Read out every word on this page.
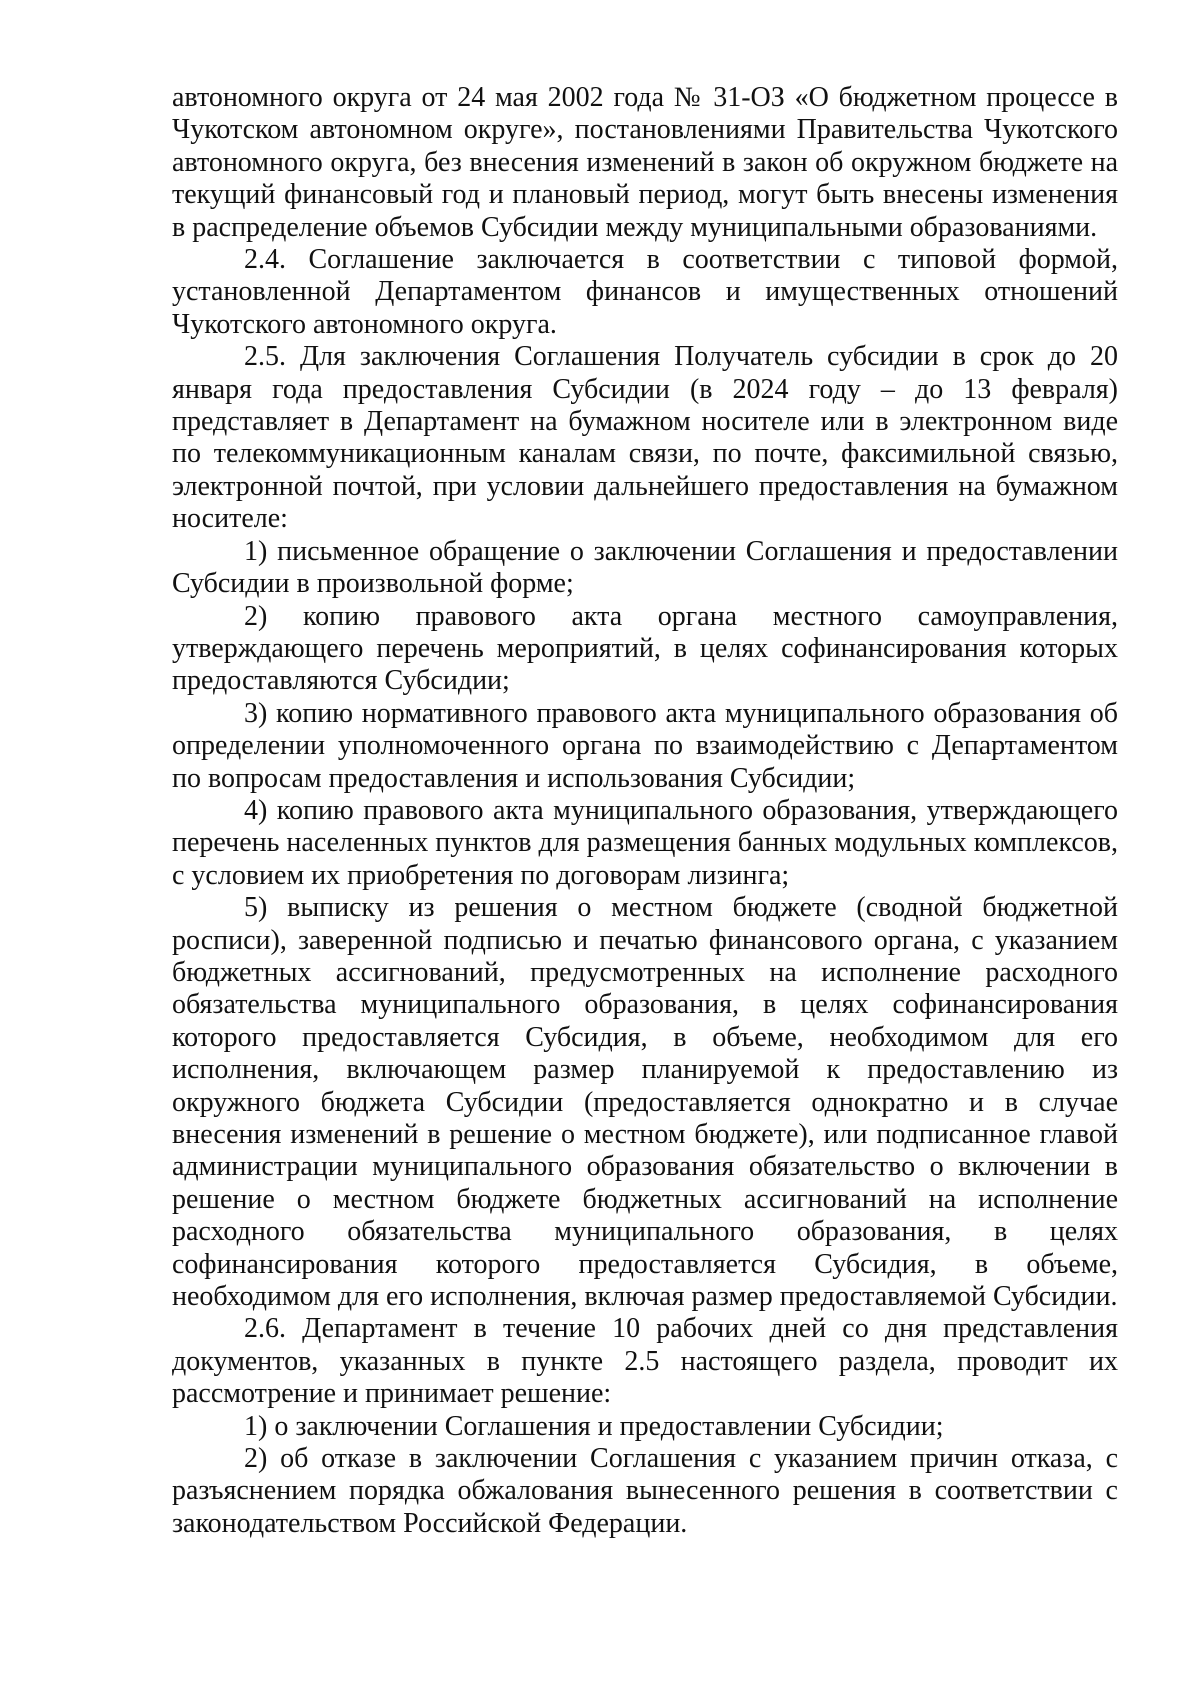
автономного округа от 24 мая 2002 года № 31-ОЗ «О бюджетном процессе в Чукотском автономном округе», постановлениями Правительства Чукотского автономного округа, без внесения изменений в закон об окружном бюджете на текущий финансовый год и плановый период, могут быть внесены изменения в распределение объемов Субсидии между муниципальными образованиями.

2.4. Соглашение заключается в соответствии с типовой формой, установленной Департаментом финансов и имущественных отношений Чукотского автономного округа.

2.5. Для заключения Соглашения Получатель субсидии в срок до 20 января года предоставления Субсидии (в 2024 году – до 13 февраля) представляет в Департамент на бумажном носителе или в электронном виде по телекоммуникационным каналам связи, по почте, факсимильной связью, электронной почтой, при условии дальнейшего предоставления на бумажном носителе:

1) письменное обращение о заключении Соглашения и предоставлении Субсидии в произвольной форме;

2) копию правового акта органа местного самоуправления, утверждающего перечень мероприятий, в целях софинансирования которых предоставляются Субсидии;

3) копию нормативного правового акта муниципального образования об определении уполномоченного органа по взаимодействию с Департаментом по вопросам предоставления и использования Субсидии;

4) копию правового акта муниципального образования, утверждающего перечень населенных пунктов для размещения банных модульных комплексов, с условием их приобретения по договорам лизинга;

5) выписку из решения о местном бюджете (сводной бюджетной росписи), заверенной подписью и печатью финансового органа, с указанием бюджетных ассигнований, предусмотренных на исполнение расходного обязательства муниципального образования, в целях софинансирования которого предоставляется Субсидия, в объеме, необходимом для его исполнения, включающем размер планируемой к предоставлению из окружного бюджета Субсидии (предоставляется однократно и в случае внесения изменений в решение о местном бюджете), или подписанное главой администрации муниципального образования обязательство о включении в решение о местном бюджете бюджетных ассигнований на исполнение расходного обязательства муниципального образования, в целях софинансирования которого предоставляется Субсидия, в объеме, необходимом для его исполнения, включая размер предоставляемой Субсидии.

2.6. Департамент в течение 10 рабочих дней со дня представления документов, указанных в пункте 2.5 настоящего раздела, проводит их рассмотрение и принимает решение:

1) о заключении Соглашения и предоставлении Субсидии;

2) об отказе в заключении Соглашения с указанием причин отказа, с разъяснением порядка обжалования вынесенного решения в соответствии с законодательством Российской Федерации.
